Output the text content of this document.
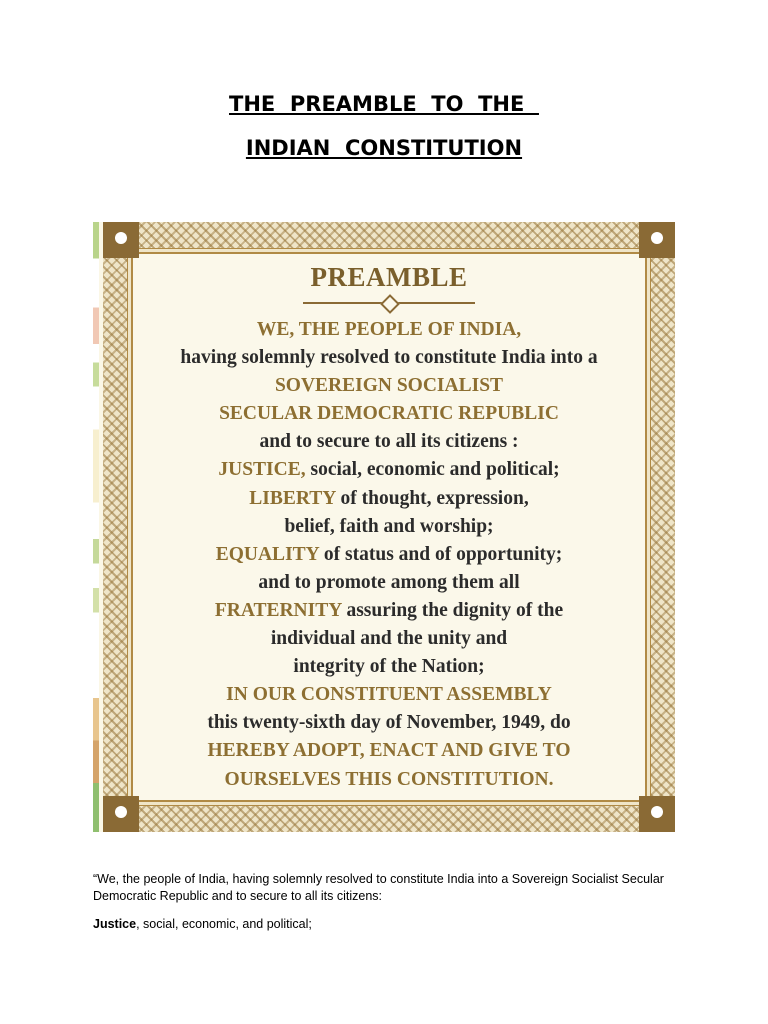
THE  PREAMBLE  TO  THE

INDIAN  CONSTITUTION

PREAMBLE
WE, THE PEOPLE OF INDIA,
having solemnly resolved to constitute India into a
SOVEREIGN SOCIALIST
SECULAR DEMOCRATIC REPUBLIC
and to secure to all its citizens :
JUSTICE, social, economic and political;
LIBERTY of thought, expression,
belief, faith and worship;
EQUALITY of status and of opportunity;
and to promote among them all
FRATERNITY assuring the dignity of the
individual and the unity and
integrity of the Nation;
IN OUR CONSTITUENT ASSEMBLY
this twenty-sixth day of November, 1949, do
HEREBY ADOPT, ENACT AND GIVE TO
OURSELVES THIS CONSTITUTION.

“We, the people of India, having solemnly resolved to constitute India into a Sovereign Socialist Secular Democratic Republic and to secure to all its citizens:

Justice, social, economic, and political;
